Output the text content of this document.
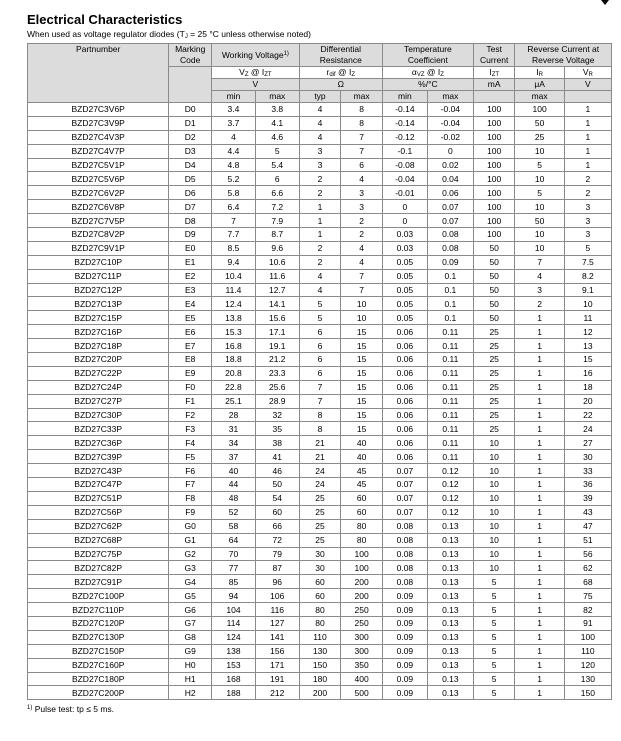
Electrical Characteristics
When used as voltage regulator diodes ($T_J = 25$ °C unless otherwise noted)
Partnumber	Marking
Code	Working Voltage$^{1)}$		Differential
Resistance		Temperature
Coefficient		Test
Current	Reverse Current at
Reverse Voltage	
		$V_Z$ @ $I_{ZT}$		$r_{dif}$ @ $I_Z$		$\alpha_{VZ}$ @ $I_Z$		$I_{ZT}$	$I_R$	$V_R$
		V		Ω		%/°C		mA	μA	V
		min	max	typ	max	min	max		max	
BZD27C3V6P	D0	3.4	3.8	4	8	-0.14	-0.04	100	100	1
BZD27C3V9P	D1	3.7	4.1	4	8	-0.14	-0.04	100	50	1
BZD27C4V3P	D2	4	4.6	4	7	-0.12	-0.02	100	25	1
BZD27C4V7P	D3	4.4	5	3	7	-0.1	0	100	10	1
BZD27C5V1P	D4	4.8	5.4	3	6	-0.08	0.02	100	5	1
BZD27C5V6P	D5	5.2	6	2	4	-0.04	0.04	100	10	2
BZD27C6V2P	D6	5.8	6.6	2	3	-0.01	0.06	100	5	2
BZD27C6V8P	D7	6.4	7.2	1	3	0	0.07	100	10	3
BZD27C7V5P	D8	7	7.9	1	2	0	0.07	100	50	3
BZD27C8V2P	D9	7.7	8.7	1	2	0.03	0.08	100	10	3
BZD27C9V1P	E0	8.5	9.6	2	4	0.03	0.08	50	10	5
BZD27C10P	E1	9.4	10.6	2	4	0.05	0.09	50	7	7.5
BZD27C11P	E2	10.4	11.6	4	7	0.05	0.1	50	4	8.2
BZD27C12P	E3	11.4	12.7	4	7	0.05	0.1	50	3	9.1
BZD27C13P	E4	12.4	14.1	5	10	0.05	0.1	50	2	10
BZD27C15P	E5	13.8	15.6	5	10	0.05	0.1	50	1	11
BZD27C16P	E6	15.3	17.1	6	15	0.06	0.11	25	1	12
BZD27C18P	E7	16.8	19.1	6	15	0.06	0.11	25	1	13
BZD27C20P	E8	18.8	21.2	6	15	0.06	0.11	25	1	15
BZD27C22P	E9	20.8	23.3	6	15	0.06	0.11	25	1	16
BZD27C24P	F0	22.8	25.6	7	15	0.06	0.11	25	1	18
BZD27C27P	F1	25.1	28.9	7	15	0.06	0.11	25	1	20
BZD27C30P	F2	28	32	8	15	0.06	0.11	25	1	22
BZD27C33P	F3	31	35	8	15	0.06	0.11	25	1	24
BZD27C36P	F4	34	38	21	40	0.06	0.11	10	1	27
BZD27C39P	F5	37	41	21	40	0.06	0.11	10	1	30
BZD27C43P	F6	40	46	24	45	0.07	0.12	10	1	33
BZD27C47P	F7	44	50	24	45	0.07	0.12	10	1	36
BZD27C51P	F8	48	54	25	60	0.07	0.12	10	1	39
BZD27C56P	F9	52	60	25	60	0.07	0.12	10	1	43
BZD27C62P	G0	58	66	25	80	0.08	0.13	10	1	47
BZD27C68P	G1	64	72	25	80	0.08	0.13	10	1	51
BZD27C75P	G2	70	79	30	100	0.08	0.13	10	1	56
BZD27C82P	G3	77	87	30	100	0.08	0.13	10	1	62
BZD27C91P	G4	85	96	60	200	0.08	0.13	5	1	68
BZD27C100P	G5	94	106	60	200	0.09	0.13	5	1	75
BZD27C110P	G6	104	116	80	250	0.09	0.13	5	1	82
BZD27C120P	G7	114	127	80	250	0.09	0.13	5	1	91
BZD27C130P	G8	124	141	110	300	0.09	0.13	5	1	100
BZD27C150P	G9	138	156	130	300	0.09	0.13	5	1	110
BZD27C160P	H0	153	171	150	350	0.09	0.13	5	1	120
BZD27C180P	H1	168	191	180	400	0.09	0.13	5	1	130
BZD27C200P	H2	188	212	200	500	0.09	0.13	5	1	150
$^{1)}$ Pulse test: tp ≤ 5 ms.
